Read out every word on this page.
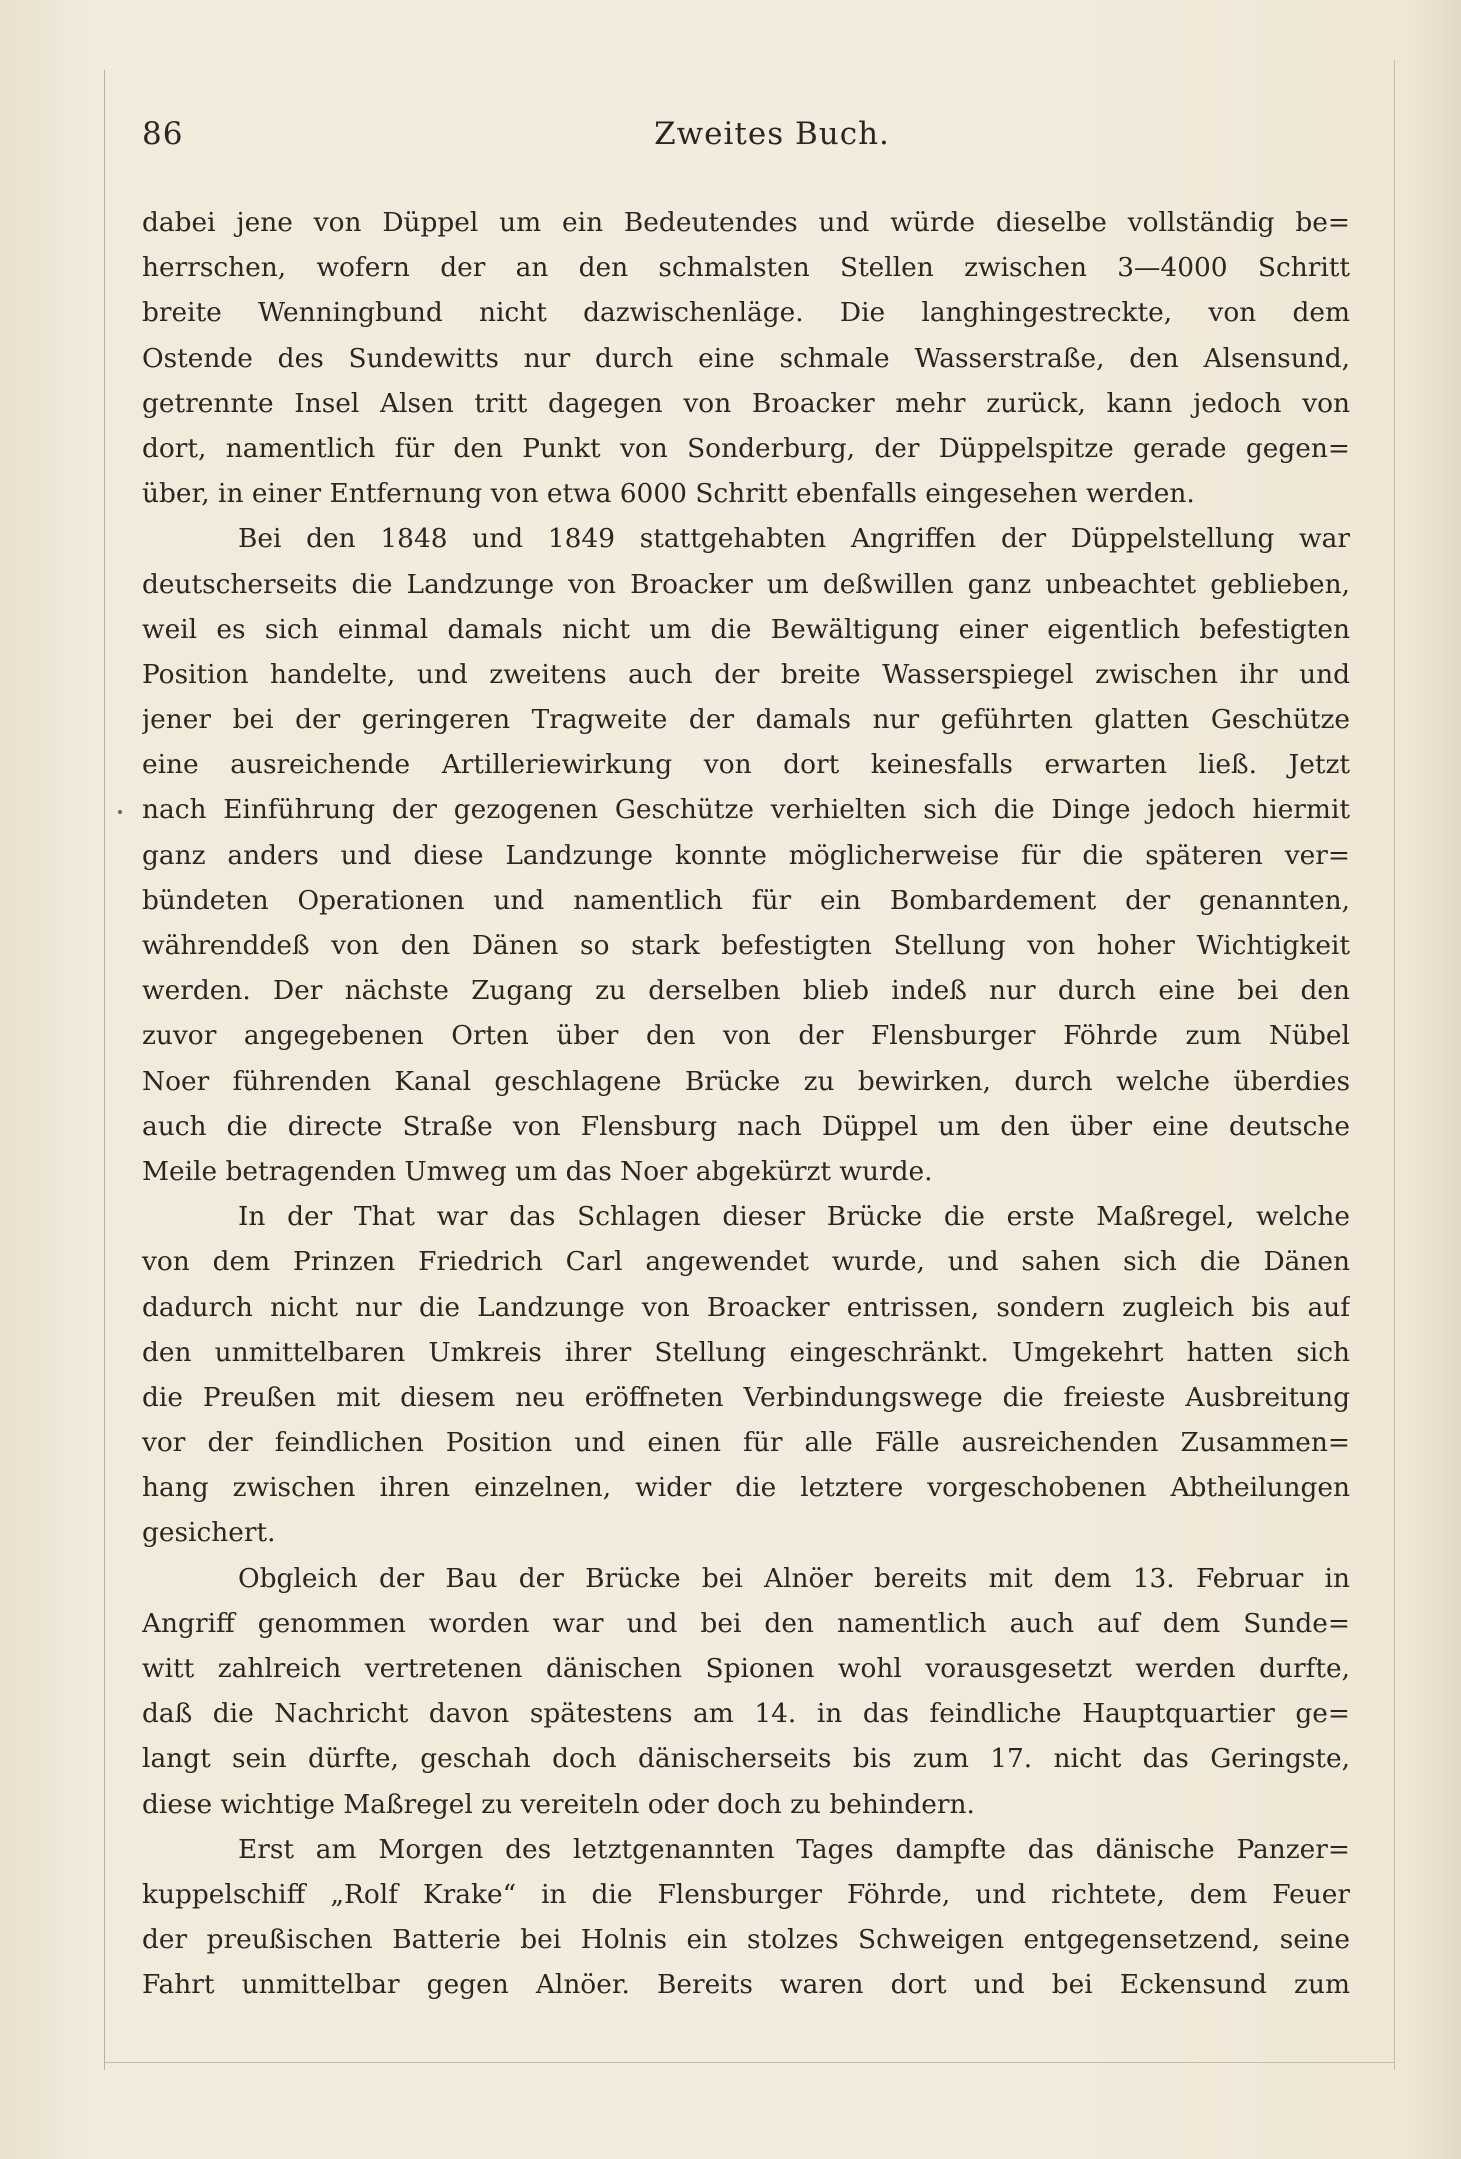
86	Zweites Buch.
dabei jene von Düppel um ein Bedeutendes und würde dieselbe vollständig be=
herrschen, wofern der an den schmalsten Stellen zwischen 3—4000 Schritt
breite Wenningbund nicht dazwischenläge. Die langhingestreckte, von dem
Ostende des Sundewitts nur durch eine schmale Wasserstraße, den Alsensund,
getrennte Insel Alsen tritt dagegen von Broacker mehr zurück, kann jedoch von
dort, namentlich für den Punkt von Sonderburg, der Düppelspitze gerade gegen=
über, in einer Entfernung von etwa 6000 Schritt ebenfalls eingesehen werden.
Bei den 1848 und 1849 stattgehabten Angriffen der Düppelstellung war
deutscherseits die Landzunge von Broacker um deßwillen ganz unbeachtet geblieben,
weil es sich einmal damals nicht um die Bewältigung einer eigentlich befestigten
Position handelte, und zweitens auch der breite Wasserspiegel zwischen ihr und
jener bei der geringeren Tragweite der damals nur geführten glatten Geschütze
eine ausreichende Artilleriewirkung von dort keinesfalls erwarten ließ. Jetzt
nach Einführung der gezogenen Geschütze verhielten sich die Dinge jedoch hiermit
ganz anders und diese Landzunge konnte möglicherweise für die späteren ver=
bündeten Operationen und namentlich für ein Bombardement der genannten,
währenddeß von den Dänen so stark befestigten Stellung von hoher Wichtigkeit
werden. Der nächste Zugang zu derselben blieb indeß nur durch eine bei den
zuvor angegebenen Orten über den von der Flensburger Föhrde zum Nübel
Noer führenden Kanal geschlagene Brücke zu bewirken, durch welche überdies
auch die directe Straße von Flensburg nach Düppel um den über eine deutsche
Meile betragenden Umweg um das Noer abgekürzt wurde.
In der That war das Schlagen dieser Brücke die erste Maßregel, welche
von dem Prinzen Friedrich Carl angewendet wurde, und sahen sich die Dänen
dadurch nicht nur die Landzunge von Broacker entrissen, sondern zugleich bis auf
den unmittelbaren Umkreis ihrer Stellung eingeschränkt. Umgekehrt hatten sich
die Preußen mit diesem neu eröffneten Verbindungswege die freieste Ausbreitung
vor der feindlichen Position und einen für alle Fälle ausreichenden Zusammen=
hang zwischen ihren einzelnen, wider die letztere vorgeschobenen Abtheilungen
gesichert.
Obgleich der Bau der Brücke bei Alnöer bereits mit dem 13. Februar in
Angriff genommen worden war und bei den namentlich auch auf dem Sunde=
witt zahlreich vertretenen dänischen Spionen wohl vorausgesetzt werden durfte,
daß die Nachricht davon spätestens am 14. in das feindliche Hauptquartier ge=
langt sein dürfte, geschah doch dänischerseits bis zum 17. nicht das Geringste,
diese wichtige Maßregel zu vereiteln oder doch zu behindern.
Erst am Morgen des letztgenannten Tages dampfte das dänische Panzer=
kuppelschiff „Rolf Krake“ in die Flensburger Föhrde, und richtete, dem Feuer
der preußischen Batterie bei Holnis ein stolzes Schweigen entgegensetzend, seine
Fahrt unmittelbar gegen Alnöer. Bereits waren dort und bei Eckensund zum
